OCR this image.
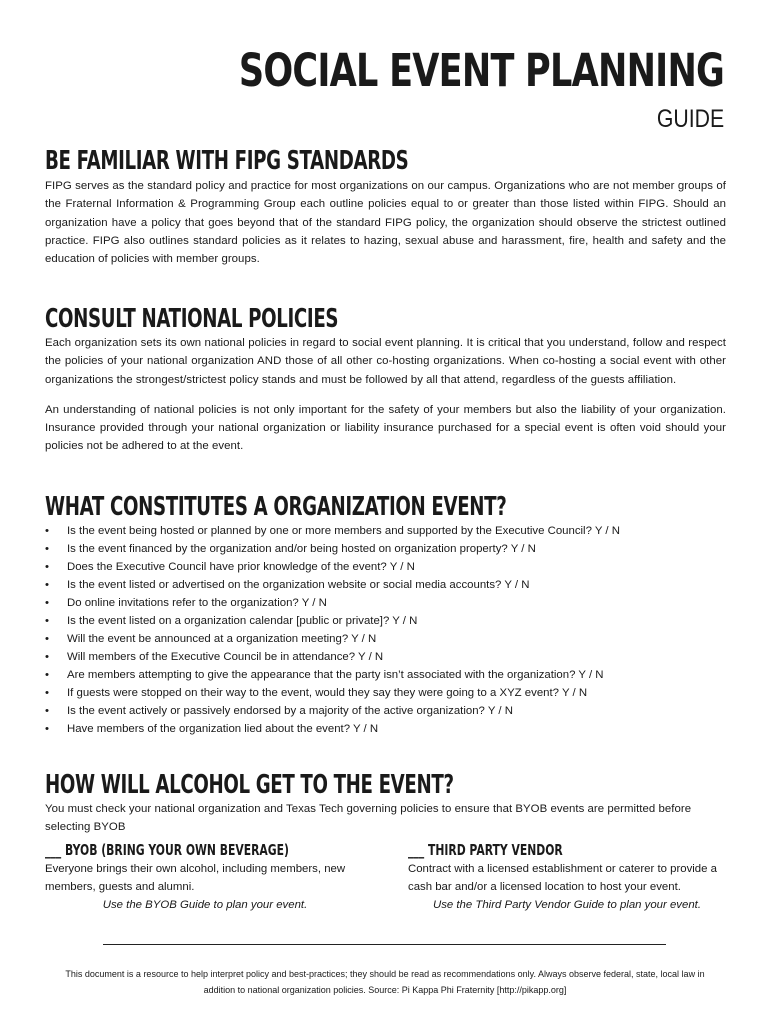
SOCIAL EVENT PLANNING
GUIDE
BE FAMILIAR WITH FIPG STANDARDS

FIPG serves as the standard policy and practice for most organizations on our campus. Organizations who are not member groups of the Fraternal Information & Programming Group each outline policies equal to or greater than those listed within FIPG. Should an organization have a policy that goes beyond that of the standard FIPG policy, the organization should observe the strictest outlined practice. FIPG also outlines standard policies as it relates to hazing, sexual abuse and harassment, fire, health and safety and the education of policies with member groups.

CONSULT NATIONAL POLICIES

Each organization sets its own national policies in regard to social event planning. It is critical that you understand, follow and respect the policies of your national organization AND those of all other co-hosting organizations. When co-hosting a social event with other organizations the strongest/strictest policy stands and must be followed by all that attend, regardless of the guests affiliation.

An understanding of national policies is not only important for the safety of your members but also the liability of your organization. Insurance provided through your national organization or liability insurance purchased for a special event is often void should your policies not be adhered to at the event.

WHAT CONSTITUTES A ORGANIZATION EVENT?
• Is the event being hosted or planned by one or more members and supported by the Executive Council? Y / N
• Is the event financed by the organization and/or being hosted on organization property? Y / N
• Does the Executive Council have prior knowledge of the event? Y / N
• Is the event listed or advertised on the organization website or social media accounts? Y / N
• Do online invitations refer to the organization? Y / N
• Is the event listed on a organization calendar [public or private]? Y / N
• Will the event be announced at a organization meeting? Y / N
• Will members of the Executive Council be in attendance? Y / N
• Are members attempting to give the appearance that the party isn’t associated with the organization? Y / N
• If guests were stopped on their way to the event, would they say they were going to a XYZ event? Y / N
• Is the event actively or passively endorsed by a majority of the active organization? Y / N
• Have members of the organization lied about the event? Y / N
HOW WILL ALCOHOL GET TO THE EVENT?

You must check your national organization and Texas Tech governing policies to ensure that BYOB events are permitted before selecting BYOB

___ BYOB (BRING YOUR OWN BEVERAGE)

Everyone brings their own alcohol, including members, new members, guests and alumni.

Use the BYOB Guide to plan your event.

___ THIRD PARTY VENDOR

Contract with a licensed establishment or caterer to provide a cash bar and/or a licensed location to host your event.

Use the Third Party Vendor Guide to plan your event.

This document is a resource to help interpret policy and best-practices; they should be read as recommendations only. Always observe federal, state, local law in addition to national organization policies. Source: Pi Kappa Phi Fraternity [http://pikapp.org]
